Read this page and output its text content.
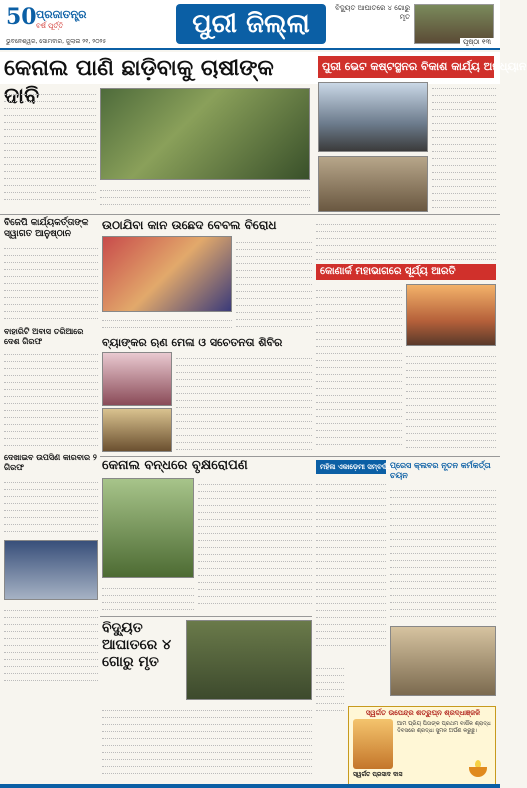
50 ପ୍ରଜାତନ୍ତ୍ର
ବର୍ଷ ପୂର୍ତ୍ତି
ଭୁବନେଶ୍ୱର, ସୋମବାର, ଜୁଲାଇ ୨୧, ୨୦୨୫
ପୁରୀ ଜିଲ୍ଲା
ବିଦ୍ୟୁତ ଆଘାତରେ ୪ ଗୋରୁ ମୃତ
ପୃଷ୍ଠା ୧୩
କେନାଲ ପାଣି ଛାଡ଼ିବାକୁ ଚାଷୀଙ୍କ ଦାବି
ପୁରୀ ଭେଟ କଷ୍ଟସ୍ଥନର ବିକାଶ କାର୍ଯ୍ୟ ଅନୁଧ୍ୟାନ
ବିଜେପି କାର୍ଯ୍ୟକର୍ତ୍ତାଙ୍କ ସ୍ୱାଗତ ଆନୁଷ୍ଠାନ
ବାହାରିଟି ଅବାସ ତରିଆରେ ଦେଶ ଗିରଫ
ଦେଖାଇବ ଉପସିଣ କାରବାର ୨ ଗିରଫ
ଉଠାଯିବା କାନ ଉଛେଦ ବେବଲ ବିରୋଧ
ବ୍ୟାଙ୍କର ଋଣ ମେଳା ଓ ସଚେତନତା ଶିବିର
କୋଣାର୍କ ମହାଭାଗରେ ସୂର୍ଯ୍ୟ ଆରତି
କେନାଲ ବନ୍ଧରେ ବୃକ୍ଷରୋପଣ	ମହିଳା ଏକାଡ଼େମୀ ସମ୍ବର୍ଦ୍ଧନ
ପ୍ରେସ କ୍ଲବର ନୂତନ କର୍ମକର୍ତ୍ତା ଚୟନ
ବିଦ୍ୟୁତ ଆଘାତରେ ୪ ଗୋରୁ ମୃତ
ସ୍ୱର୍ଗତ ଉପେନ୍ଦ୍ର ଶତ୍ରୁଘ୍ନ ଶ୍ରଦ୍ଧାଞ୍ଜଳି
ଆମ ପ୍ରିୟ ପିତାଙ୍କ ପ୍ରଥମ ବାର୍ଷିକ ଶ୍ରାଦ୍ଧ ଦିବସରେ ଶ୍ରଦ୍ଧା ସୁମନ ଅର୍ପଣ କରୁଛୁ।
ସ୍ୱର୍ଗତ ପ୍ରସାଦ ଦାସ
